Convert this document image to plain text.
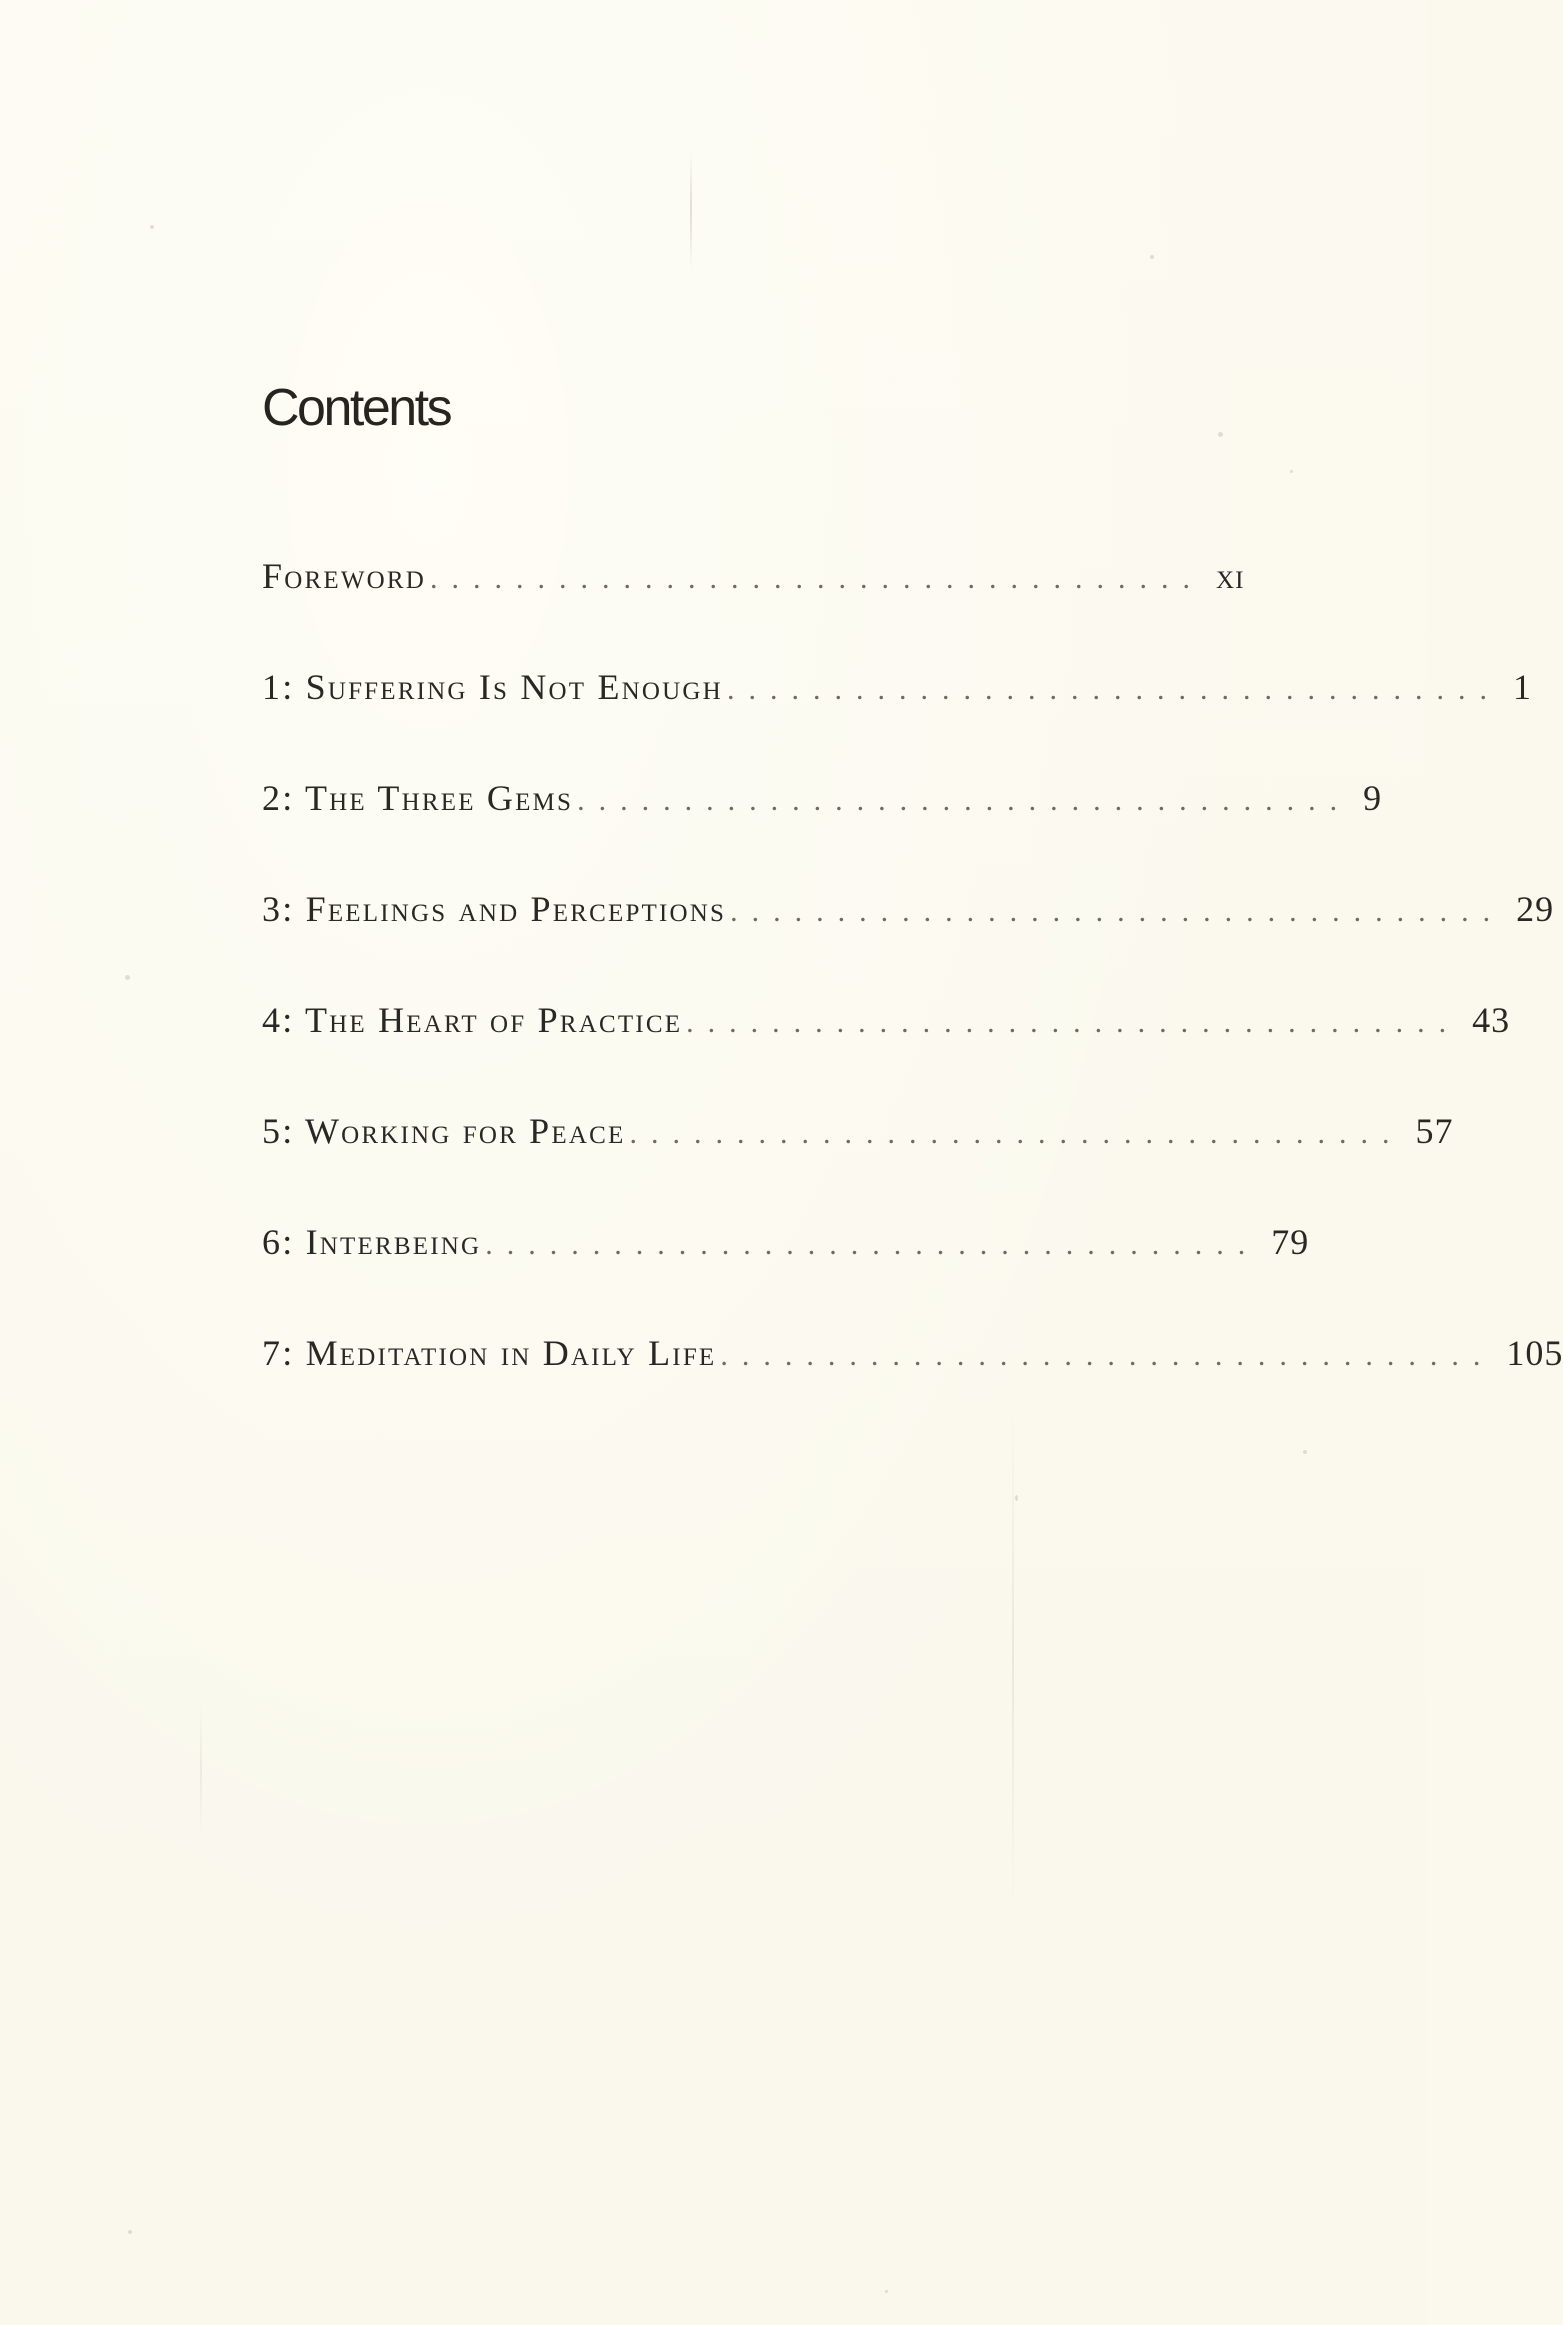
Contents
Foreword .................................... xi
1: Suffering Is Not Enough .................................... 1
2: The Three Gems .................................... 9
3: Feelings and Perceptions .................................... 29
4: The Heart of Practice .................................... 43
5: Working for Peace .................................... 57
6: Interbeing .................................... 79
7: Meditation in Daily Life .................................... 105
